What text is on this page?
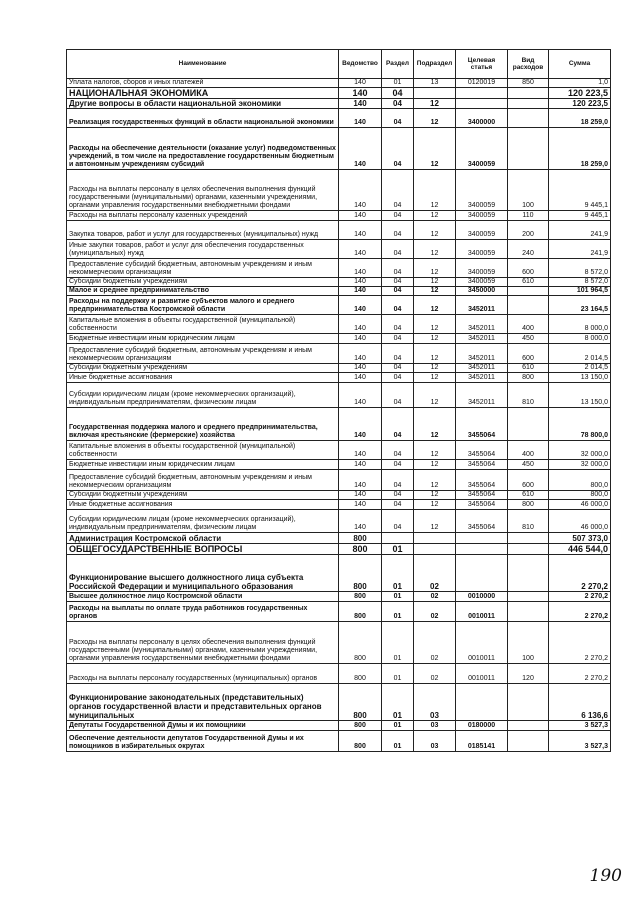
Наименование	Ведомство	Раздел	Подраздел	Целевая статья	Вид расходов	Сумма
Уплата налогов, сборов и иных платежей	140	01	13	0120019	850	1,0
НАЦИОНАЛЬНАЯ ЭКОНОМИКА	140	04				120 223,5
Другие вопросы в области национальной экономики	140	04	12			120 223,5
Реализация государственных функций в области национальной экономики	140	04	12	3400000		18 259,0
Расходы на обеспечение деятельности (оказание услуг) подведомственных учреждений, в том числе на предоставление государственным бюджетным и автономным учреждениям субсидий	140	04	12	3400059		18 259,0
Расходы на выплаты персоналу в целях обеспечения выполнения функций государственными (муниципальными) органами, казенными учреждениями, органами управления государственными внебюджетными фондами	140	04	12	3400059	100	9 445,1
Расходы на выплаты персоналу казенных учреждений	140	04	12	3400059	110	9 445,1
Закупка товаров, работ и услуг для государственных (муниципальных) нужд	140	04	12	3400059	200	241,9
Иные закупки товаров, работ и услуг для обеспечения государственных (муниципальных) нужд	140	04	12	3400059	240	241,9
Предоставление субсидий бюджетным, автономным учреждениям и иным некоммерческим организациям	140	04	12	3400059	600	8 572,0
Субсидии бюджетным учреждениям	140	04	12	3400059	610	8 572,0
Малое и среднее предпринимательство	140	04	12	3450000		101 964,5
Расходы на поддержку и развитие субъектов малого и среднего предпринимательства Костромской области	140	04	12	3452011		23 164,5
Капитальные вложения в объекты государственной (муниципальной) собственности	140	04	12	3452011	400	8 000,0
Бюджетные инвестиции иным юридическим лицам	140	04	12	3452011	450	8 000,0
Предоставление субсидий бюджетным, автономным учреждениям и иным некоммерческим организациям	140	04	12	3452011	600	2 014,5
Субсидии бюджетным учреждениям	140	04	12	3452011	610	2 014,5
Иные бюджетные ассигнования	140	04	12	3452011	800	13 150,0
Субсидии юридическим лицам (кроме некоммерческих организаций), индивидуальным предпринимателям, физическим лицам	140	04	12	3452011	810	13 150,0
Государственная поддержка малого и среднего предпринимательства, включая крестьянские (фермерские) хозяйства	140	04	12	3455064		78 800,0
Капитальные вложения в объекты государственной (муниципальной) собственности	140	04	12	3455064	400	32 000,0
Бюджетные инвестиции иным юридическим лицам	140	04	12	3455064	450	32 000,0
Предоставление субсидий бюджетным, автономным учреждениям и иным некоммерческим организациям	140	04	12	3455064	600	800,0
Субсидии бюджетным учреждениям	140	04	12	3455064	610	800,0
Иные бюджетные ассигнования	140	04	12	3455064	800	46 000,0
Субсидии юридическим лицам (кроме некоммерческих организаций), индивидуальным предпринимателям, физическим лицам	140	04	12	3455064	810	46 000,0
Администрация Костромской области	800					507 373,0
ОБЩЕГОСУДАРСТВЕННЫЕ ВОПРОСЫ	800	01				446 544,0
Функционирование высшего должностного лица субъекта Российской Федерации и муниципального образования	800	01	02			2 270,2
Высшее должностное лицо Костромской области	800	01	02	0010000		2 270,2
Расходы на выплаты по оплате труда работников государственных органов	800	01	02	0010011		2 270,2
Расходы на выплаты персоналу в целях обеспечения выполнения функций государственными (муниципальными) органами, казенными учреждениями, органами управления государственными внебюджетными фондами	800	01	02	0010011	100	2 270,2
Расходы на выплаты персоналу государственных (муниципальных) органов	800	01	02	0010011	120	2 270,2
Функционирование законодательных (представительных) органов государственной власти и представительных органов муниципальных	800	01	03			6 136,6
Депутаты Государственной Думы и их помощники	800	01	03	0180000		3 527,3
Обеспечение деятельности депутатов Государственной Думы и их помощников в избирательных округах	800	01	03	0185141		3 527,3
190
